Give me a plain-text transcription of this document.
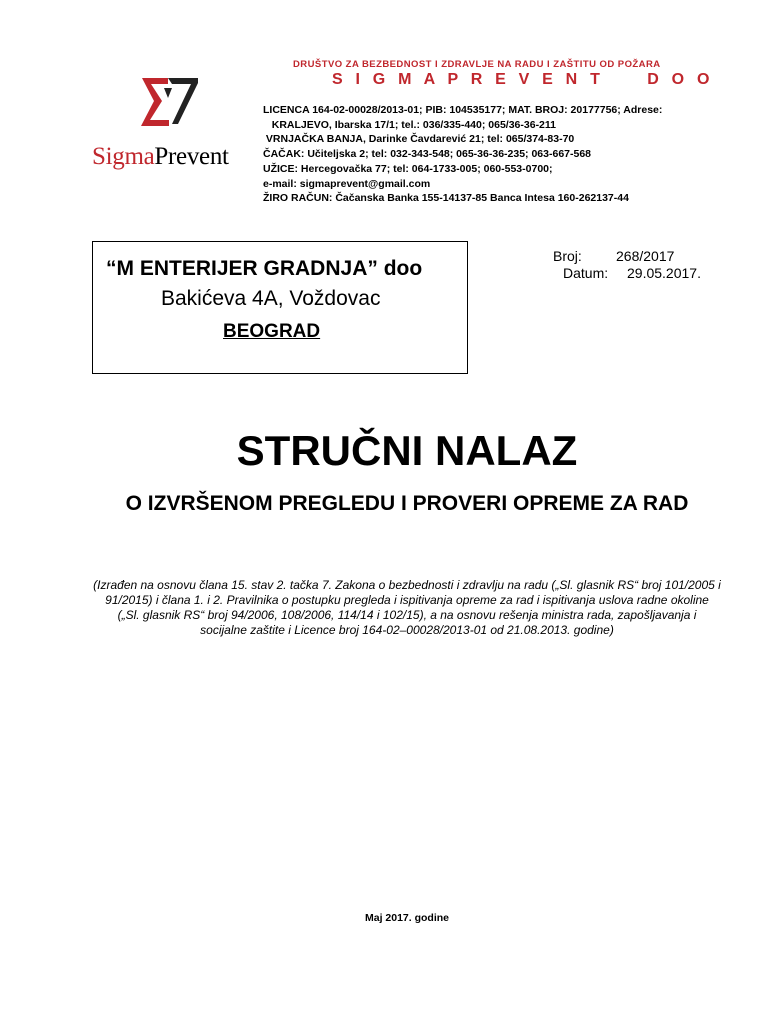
SigmaPrevent
DRUŠTVO ZA BEZBEDNOST I ZDRAVLJE NA RADU I ZAŠTITU OD POŽARA
S I G M A P R E V E N T     D O O
LICENCA 164-02-00028/2013-01; PIB: 104535177; MAT. BROJ: 20177756; Adrese:
KRALJEVO, Ibarska 17/1; tel.: 036/335-440; 065/36-36-211
VRNJAČKA BANJA, Darinke Čavdarević 21; tel: 065/374-83-70
ČAČAK: Učiteljska 2; tel: 032-343-548; 065-36-36-235; 063-667-568
UŽICE: Hercegovačka 77; tel: 064-1733-005; 060-553-0700;
e-mail: sigmaprevent@gmail.com
ŽIRO RAČUN: Čačanska Banka 155-14137-85 Banca Intesa 160-262137-44
“M ENTERIJER GRADNJA” doo
Bakićeva 4A, Voždovac
BEOGRAD
Broj:	268/2017
Datum:	29.05.2017.
STRUČNI NALAZ
O IZVRŠENOM PREGLEDU I PROVERI OPREME ZA RAD
(Izrađen na osnovu člana 15. stav 2. tačka 7. Zakona o bezbednosti i zdravlju na radu („Sl. glasnik RS“ broj 101/2005 i 91/2015) i člana 1. i 2. Pravilnika o postupku pregleda i ispitivanja opreme za rad i ispitivanja uslova radne okoline („Sl. glasnik RS“ broj 94/2006, 108/2006, 114/14 i 102/15), a na osnovu rešenja ministra rada, zapošljavanja i socijalne zaštite i Licence broj 164-02–00028/2013-01 od 21.08.2013. godine)
Maj 2017. godine
